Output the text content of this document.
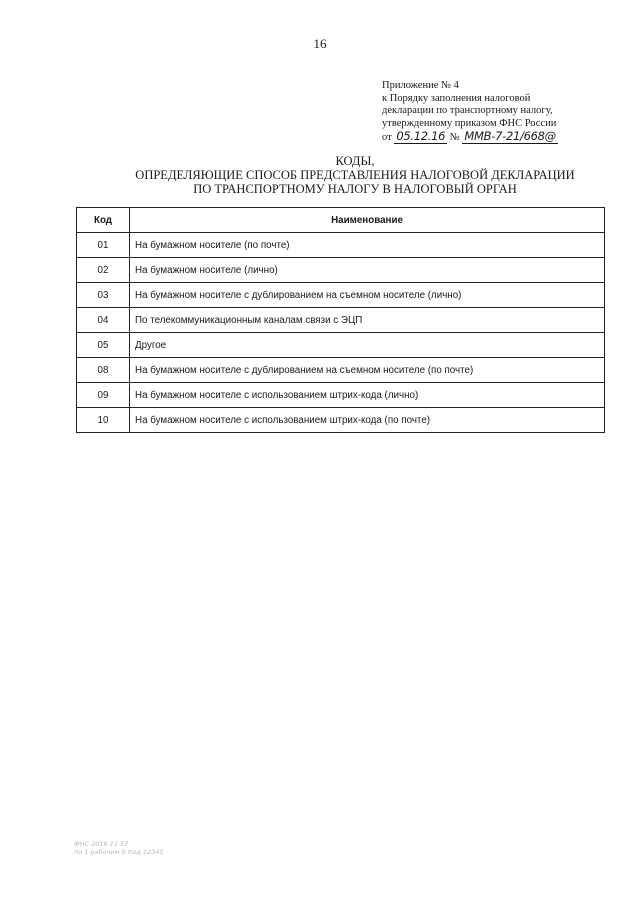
16
Приложение № 4
к Порядку заполнения налоговой
декларации по транспортному налогу,
утвержденному приказом ФНС России
от 05.12.16 № ММВ-7-21/668@
КОДЫ,
ОПРЕДЕЛЯЮЩИЕ СПОСОБ ПРЕДСТАВЛЕНИЯ НАЛОГОВОЙ ДЕКЛАРАЦИИ
ПО ТРАНСПОРТНОМУ НАЛОГУ В НАЛОГОВЫЙ ОРГАН
Код	Наименование
01	На бумажном носителе (по почте)
02	На бумажном носителе (лично)
03	На бумажном носителе с дублированием на съемном носителе (лично)
04	По телекоммуникационным каналам связи с ЭЦП
05	Другое
08	На бумажном носителе с дублированием на съемном носителе (по почте)
09	На бумажном носителе с использованием штрих-кода (лично)
10	На бумажном носителе с использованием штрих-кода (по почте)
ФНС 2016 11 57
по 1 рабочим 0 Код 12345
